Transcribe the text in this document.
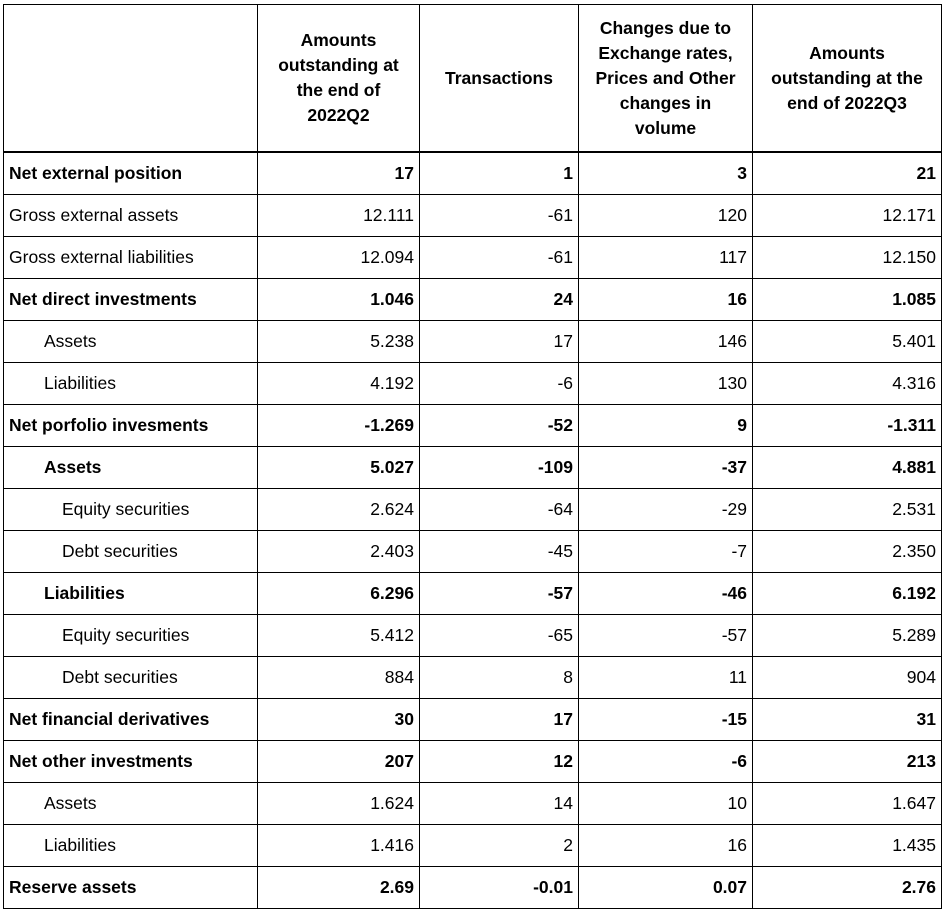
	Amounts outstanding at the end of 2022Q2	Transactions	Changes due to Exchange rates, Prices and Other changes in volume	Amounts outstanding at the end of 2022Q3
Net external position	17	1	3	21
Gross external assets	12.111	-61	120	12.171
Gross external liabilities	12.094	-61	117	12.150
Net direct investments	1.046	24	16	1.085
Assets	5.238	17	146	5.401
Liabilities	4.192	-6	130	4.316
Net porfolio invesments	-1.269	-52	9	-1.311
Assets	5.027	-109	-37	4.881
Equity securities	2.624	-64	-29	2.531
Debt securities	2.403	-45	-7	2.350
Liabilities	6.296	-57	-46	6.192
Equity securities	5.412	-65	-57	5.289
Debt securities	884	8	11	904
Net financial derivatives	30	17	-15	31
Net other investments	207	12	-6	213
Assets	1.624	14	10	1.647
Liabilities	1.416	2	16	1.435
Reserve assets	2.69	-0.01	0.07	2.76
